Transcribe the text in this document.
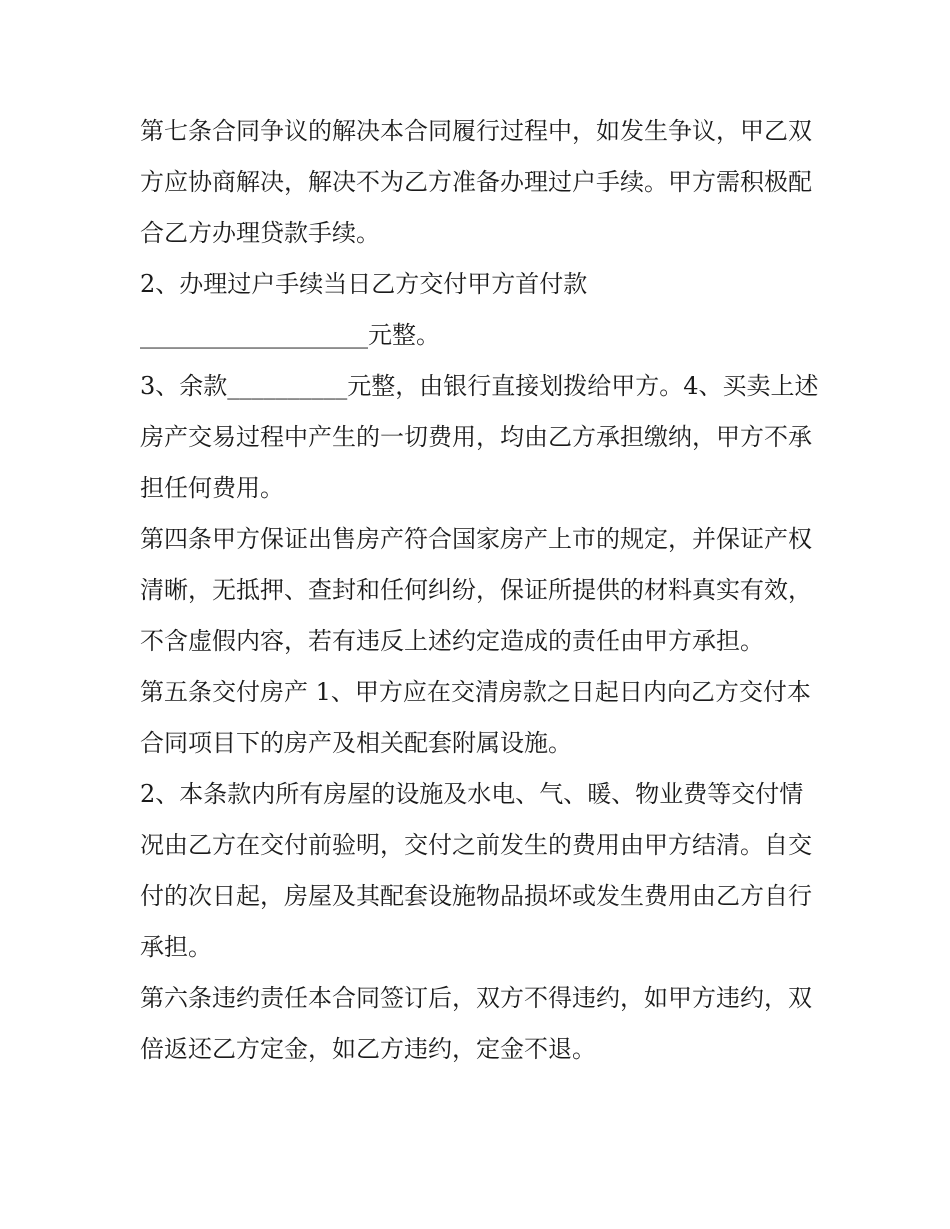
第七条合同争议的解决本合同履行过程中，如发生争议，甲乙双方应协商解决，解决不为乙方准备办理过户手续。甲方需积极配合乙方办理贷款手续。

2、办理过户手续当日乙方交付甲方首付款

___________________元整。

3、余款__________元整，由银行直接划拨给甲方。4、买卖上述房产交易过程中产生的一切费用，均由乙方承担缴纳，甲方不承担任何费用。

第四条甲方保证出售房产符合国家房产上市的规定，并保证产权清晰，无抵押、查封和任何纠纷，保证所提供的材料真实有效，不含虚假内容，若有违反上述约定造成的责任由甲方承担。

第五条交付房产 1、甲方应在交清房款之日起日内向乙方交付本合同项目下的房产及相关配套附属设施。

2、本条款内所有房屋的设施及水电、气、暖、物业费等交付情况由乙方在交付前验明，交付之前发生的费用由甲方结清。自交付的次日起，房屋及其配套设施物品损坏或发生费用由乙方自行承担。

第六条违约责任本合同签订后，双方不得违约，如甲方违约，双倍返还乙方定金，如乙方违约，定金不退。
